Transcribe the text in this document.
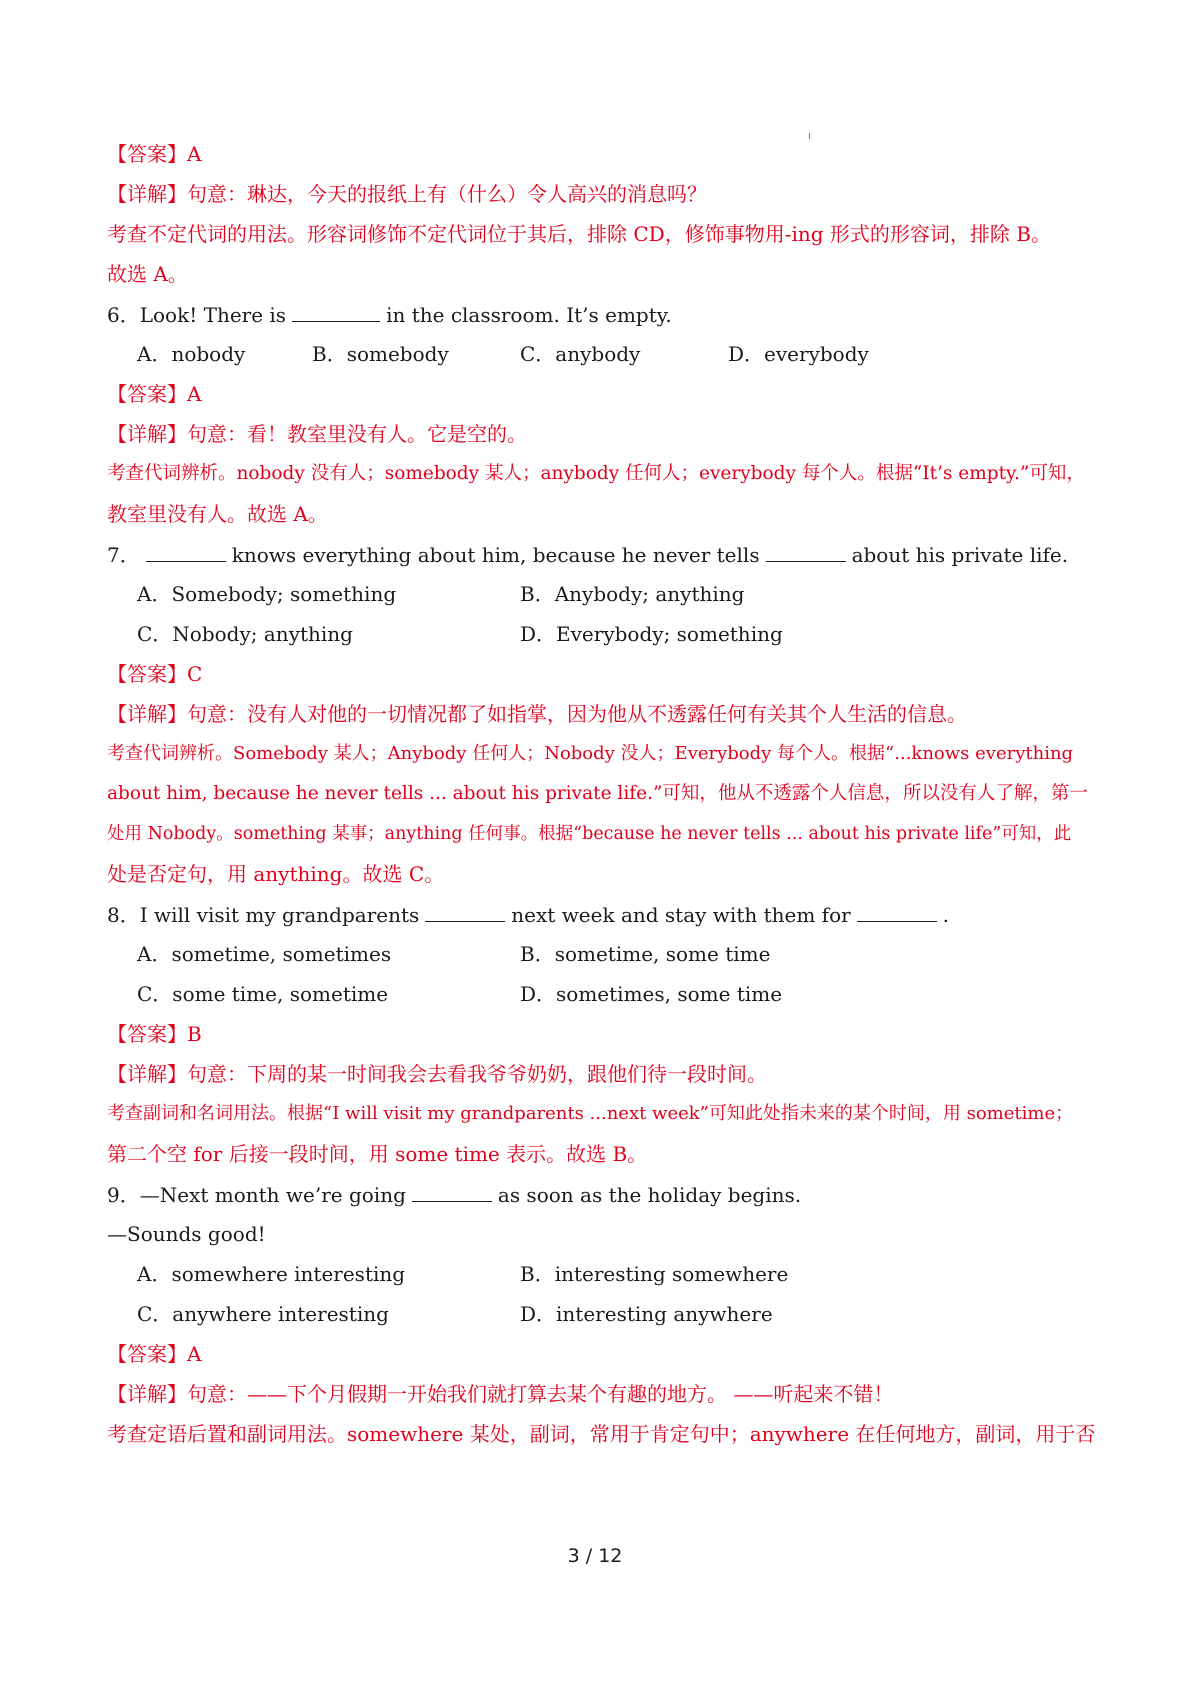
【答案】A
【详解】句意：琳达，今天的报纸上有（什么）令人高兴的消息吗？
考查不定代词的用法。形容词修饰不定代词位于其后，排除 CD，修饰事物用-ing 形式的形容词，排除 B。
故选 A。
6．Look! There is	in the classroom. It’s empty.
A．nobody	B．somebody	C．anybody	D．everybody
【答案】A
【详解】句意：看！教室里没有人。它是空的。
考查代词辨析。nobody 没有人；somebody 某人；anybody 任何人；everybody 每个人。根据“It’s empty.”可知，
教室里没有人。故选 A。
7．	knows everything about him, because he never tells	about his private life.
A．Somebody; something	B．Anybody; anything
C．Nobody; anything	D．Everybody; something
【答案】C
【详解】句意：没有人对他的一切情况都了如指掌，因为他从不透露任何有关其个人生活的信息。
考查代词辨析。Somebody 某人；Anybody 任何人；Nobody 没人；Everybody 每个人。根据“...knows everything
about him, because he never tells ... about his private life.”可知，他从不透露个人信息，所以没有人了解，第一
处用 Nobody。something 某事；anything 任何事。根据“because he never tells ... about his private life”可知，此
处是否定句，用 anything。故选 C。
8．I will visit my grandparents	next week and stay with them for	.
A．sometime, sometimes	B．sometime, some time
C．some time, sometime	D．sometimes, some time
【答案】B
【详解】句意：下周的某一时间我会去看我爷爷奶奶，跟他们待一段时间。
考查副词和名词用法。根据“I will visit my grandparents ...next week”可知此处指未来的某个时间，用 sometime；
第二个空 for 后接一段时间，用 some time 表示。故选 B。
9．—Next month we’re going	as soon as the holiday begins.
—Sounds good!
A．somewhere interesting	B．interesting somewhere
C．anywhere interesting	D．interesting anywhere
【答案】A
【详解】句意：——下个月假期一开始我们就打算去某个有趣的地方。 ——听起来不错！
考查定语后置和副词用法。somewhere 某处，副词，常用于肯定句中；anywhere 在任何地方，副词，用于否
3 / 12
